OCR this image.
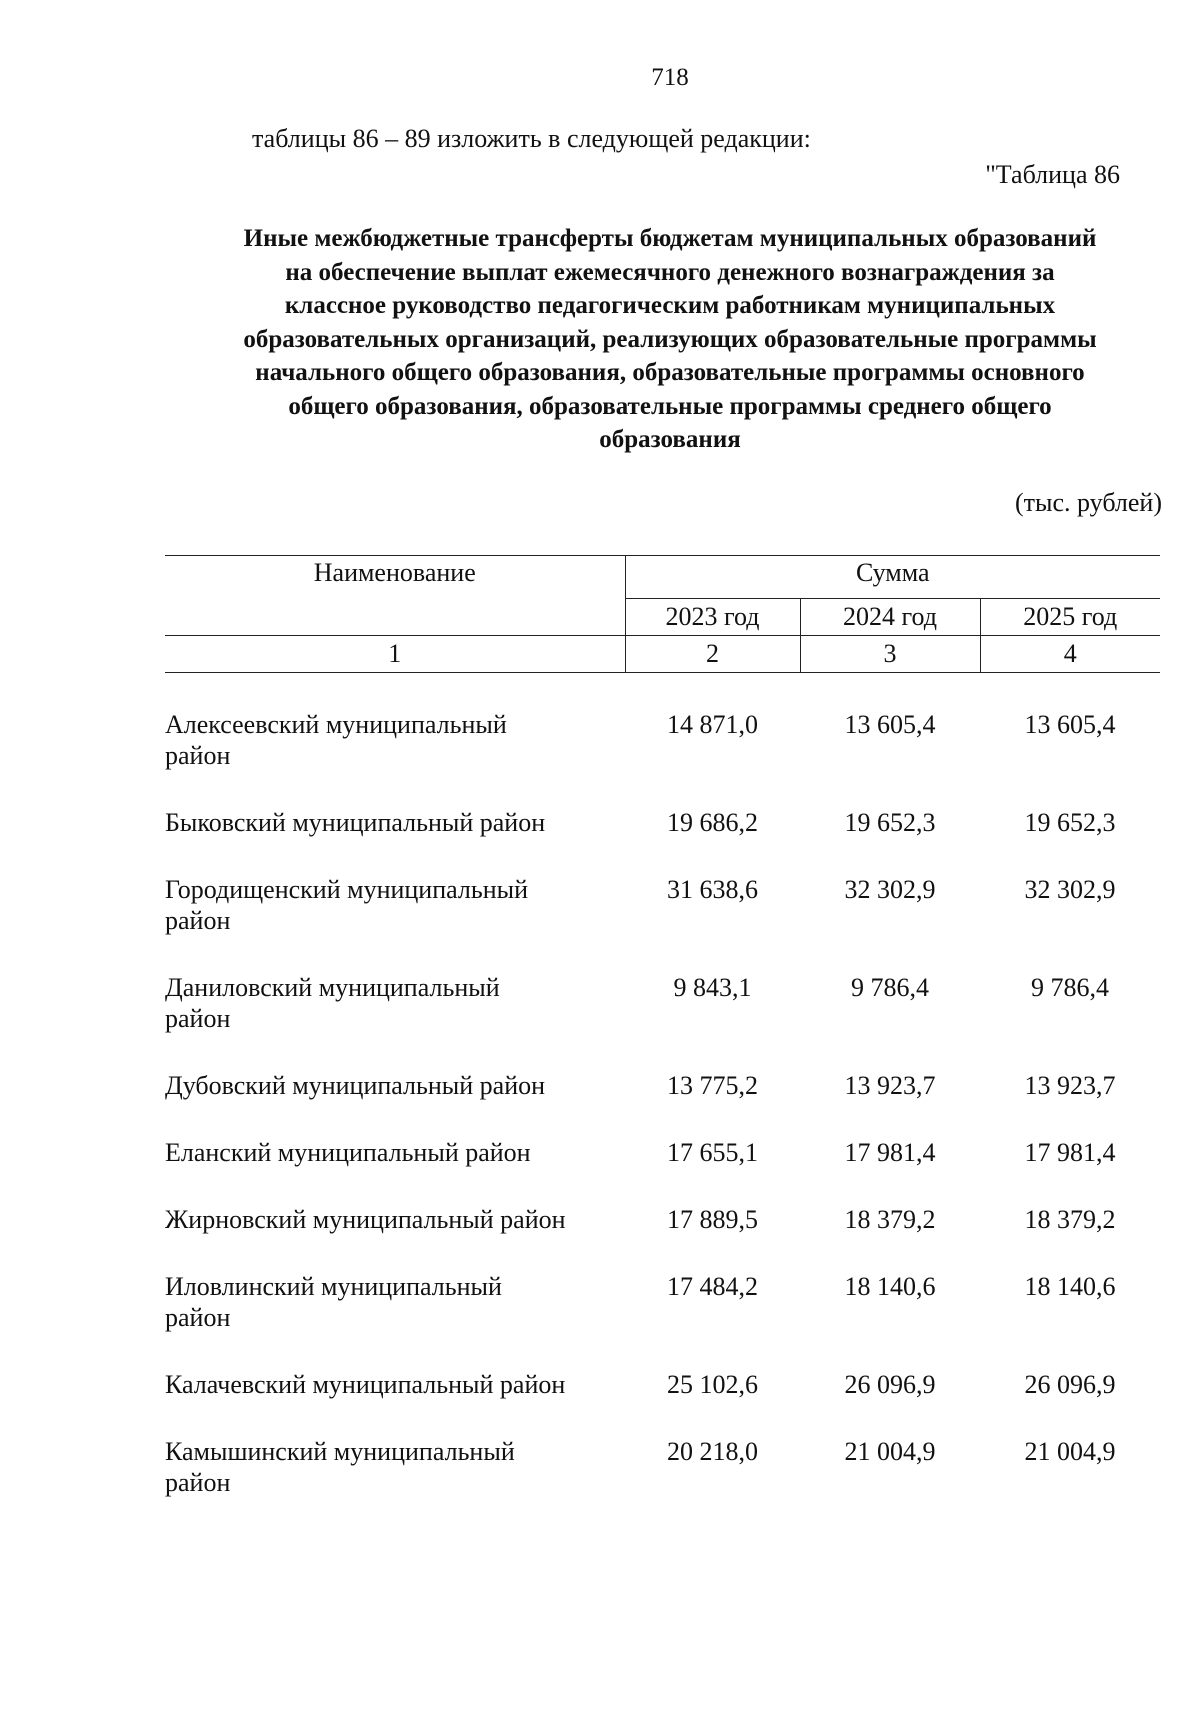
718
таблицы 86 – 89 изложить в следующей редакции:
"Таблица 86
Иные межбюджетные трансферты бюджетам муниципальных образований
на обеспечение выплат ежемесячного денежного вознаграждения за
классное руководство педагогическим работникам муниципальных
образовательных организаций, реализующих образовательные программы
начального общего образования, образовательные программы основного
общего образования, образовательные программы среднего общего
образования
(тыс. рублей)
Наименование	Сумма		
	2023 год	2024 год	2025 год
1	2	3	4

Алексеевский муниципальный
район	14 871,0	13 605,4	13 605,4

Быковский муниципальный район	19 686,2	19 652,3	19 652,3

Городищенский муниципальный
район	31 638,6	32 302,9	32 302,9

Даниловский муниципальный
район	9 843,1	9 786,4	9 786,4

Дубовский муниципальный район	13 775,2	13 923,7	13 923,7

Еланский муниципальный район	17 655,1	17 981,4	17 981,4

Жирновский муниципальный район	17 889,5	18 379,2	18 379,2

Иловлинский муниципальный
район	17 484,2	18 140,6	18 140,6

Калачевский муниципальный район	25 102,6	26 096,9	26 096,9

Камышинский муниципальный
район	20 218,0	21 004,9	21 004,9
